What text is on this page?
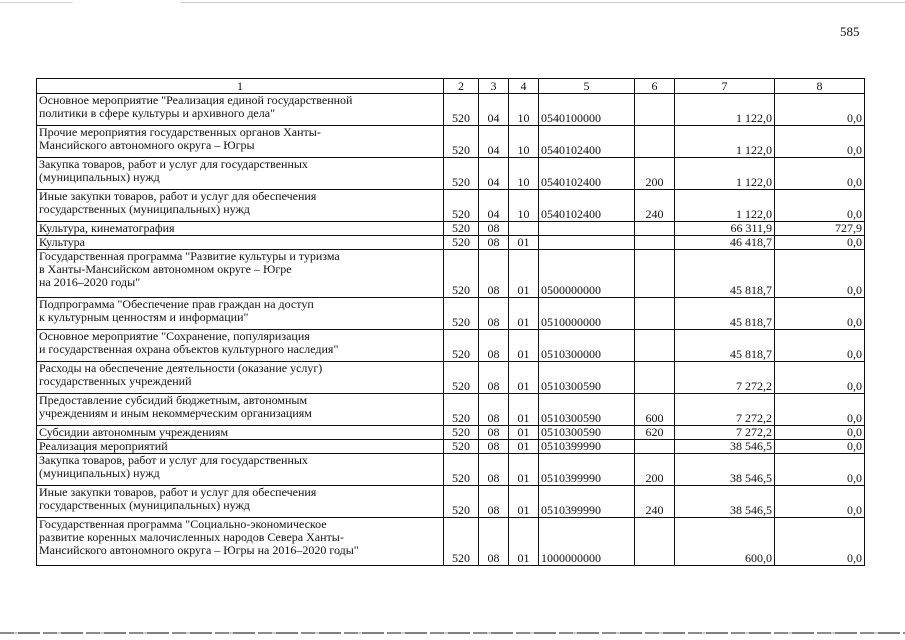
585
1	2	3	4	5	6	7	8

Основное мероприятие "Реализация единой государственной
политики в сфере культуры и архивного дела"	520	04	10	0540100000		1 122,0	0,0

Прочие мероприятия государственных органов Ханты-
Мансийского автономного округа – Югры	520	04	10	0540102400		1 122,0	0,0

Закупка товаров, работ и услуг для государственных
(муниципальных) нужд	520	04	10	0540102400	200	1 122,0	0,0

Иные закупки товаров, работ и услуг для обеспечения
государственных (муниципальных) нужд	520	04	10	0540102400	240	1 122,0	0,0

Культура, кинематография	520	08				66 311,9	727,9

Культура	520	08	01			46 418,7	0,0

Государственная программа "Развитие культуры и туризма
в Ханты-Мансийском автономном округе – Югре
на 2016–2020 годы"	520	08	01	0500000000		45 818,7	0,0

Подпрограмма "Обеспечение прав граждан на доступ
к культурным ценностям и информации"	520	08	01	0510000000		45 818,7	0,0

Основное мероприятие "Сохранение, популяризация
и государственная охрана объектов культурного наследия"	520	08	01	0510300000		45 818,7	0,0

Расходы на обеспечение деятельности (оказание услуг)
государственных учреждений	520	08	01	0510300590		7 272,2	0,0

Предоставление субсидий бюджетным, автономным
учреждениям и иным некоммерческим организациям	520	08	01	0510300590	600	7 272,2	0,0

Субсидии автономным учреждениям	520	08	01	0510300590	620	7 272,2	0,0

Реализация мероприятий	520	08	01	0510399990		38 546,5	0,0

Закупка товаров, работ и услуг для государственных
(муниципальных) нужд	520	08	01	0510399990	200	38 546,5	0,0

Иные закупки товаров, работ и услуг для обеспечения
государственных (муниципальных) нужд	520	08	01	0510399990	240	38 546,5	0,0

Государственная программа "Социально-экономическое
развитие коренных малочисленных народов Севера Ханты-
Мансийского автономного округа – Югры на 2016–2020 годы"	520	08	01	1000000000		600,0	0,0
